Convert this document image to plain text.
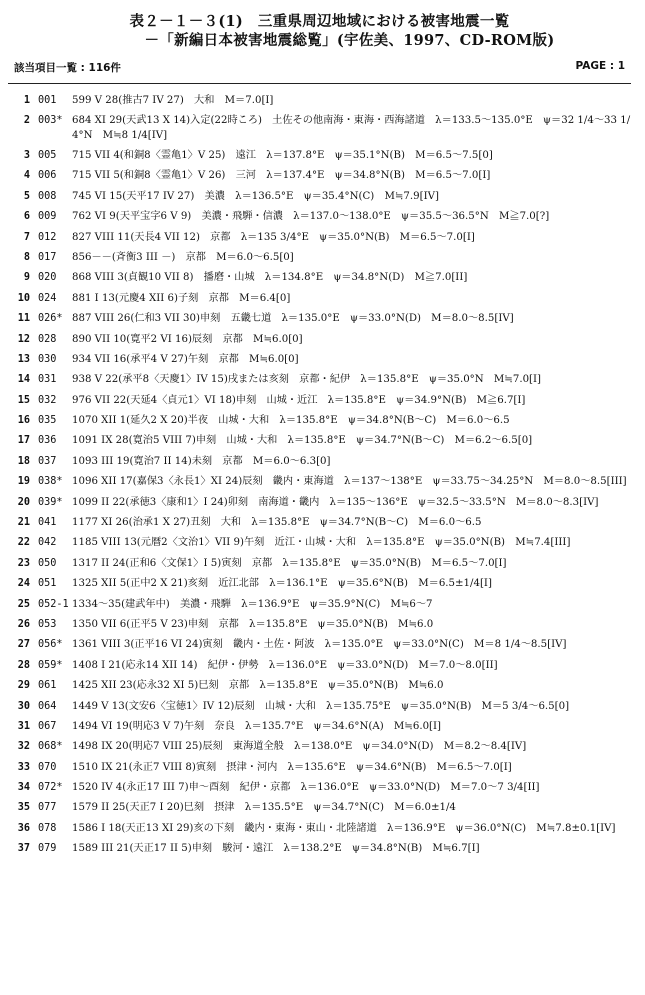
表２－１－３(1)　三重県周辺地域における被害地震一覧
－「新編日本被害地震総覧」(宇佐美、1997、CD-ROM版)
該当項目一覧 : 116件	PAGE : 1
1 001	599 V 28(推古7 IV 27)　大和　M＝7.0[I]
2 003* 684 XI 29(天武13 X 14)入定(22時ころ)　土佐その他南海・東海・西海諸道　λ＝133.5～135.0°E　ψ＝32 1/4～33 1/4°N　M≒8 1/4[IV]
3 005	715 VII 4(和銅8〈霊亀1〉V 25)　遠江　λ＝137.8°E　ψ＝35.1°N(B)　M＝6.5～7.5[0]
4 006	715 VII 5(和銅8〈霊亀1〉V 26)　三河　λ＝137.4°E　ψ＝34.8°N(B)　M＝6.5～7.0[I]
5 008	745 VI 15(天平17 IV 27)　美濃　λ＝136.5°E　ψ＝35.4°N(C)　M≒7.9[IV]
6 009	762 VI 9(天平宝字6 V 9)　美濃・飛騨・信濃　λ＝137.0～138.0°E　ψ＝35.5～36.5°N　M≧7.0[?]
7 012	827 VIII 11(天長4 VII 12)　京都　λ＝135 3/4°E　ψ＝35.0°N(B)　M＝6.5～7.0[I]
8 017	856－－(斉衡3 III －)　京都　M＝6.0～6.5[0]
9 020	868 VIII 3(貞観10 VII 8)　播磨・山城　λ＝134.8°E　ψ＝34.8°N(D)　M≧7.0[II]
10 024	881 I 13(元慶4 XII 6)子刻　京都　M＝6.4[0]
11 026* 887 VIII 26(仁和3 VII 30)申刻　五畿七道　λ＝135.0°E　ψ＝33.0°N(D)　M＝8.0～8.5[IV]
12 028	890 VII 10(寛平2 VI 16)辰刻　京都　M≒6.0[0]
13 030	934 VII 16(承平4 V 27)午刻　京都　M≒6.0[0]
14 031	938 V 22(承平8〈天慶1〉IV 15)戌または亥刻　京都・紀伊　λ＝135.8°E　ψ＝35.0°N　M≒7.0[I]
15 032	976 VII 22(天延4〈貞元1〉VI 18)申刻　山城・近江　λ＝135.8°E　ψ＝34.9°N(B)　M≧6.7[I]
16 035	1070 XII 1(延久2 X 20)半夜　山城・大和　λ＝135.8°E　ψ＝34.8°N(B～C)　M＝6.0～6.5
17 036	1091 IX 28(寛治5 VIII 7)申刻　山城・大和　λ＝135.8°E　ψ＝34.7°N(B～C)　M＝6.2～6.5[0]
18 037	1093 III 19(寛治7 II 14)未刻　京都　M＝6.0～6.3[0]
19 038* 1096 XII 17(嘉保3〈永長1〉XI 24)辰刻　畿内・東海道　λ＝137～138°E　ψ＝33.75～34.25°N　M＝8.0～8.5[III]
20 039* 1099 II 22(承徳3〈康和1〉I 24)卯刻　南海道・畿内　λ＝135～136°E　ψ＝32.5～33.5°N　M＝8.0～8.3[IV]
21 041	1177 XI 26(治承1 X 27)丑刻　大和　λ＝135.8°E　ψ＝34.7°N(B～C)　M＝6.0～6.5
22 042	1185 VIII 13(元暦2〈文治1〉VII 9)午刻　近江・山城・大和　λ＝135.8°E　ψ＝35.0°N(B)　M≒7.4[III]
23 050	1317 II 24(正和6〈文保1〉I 5)寅刻　京都　λ＝135.8°E　ψ＝35.0°N(B)　M＝6.5～7.0[I]
24 051	1325 XII 5(正中2 X 21)亥刻　近江北部　λ＝136.1°E　ψ＝35.6°N(B)　M＝6.5±1/4[I]
25 052-1 1334～35(建武年中)　美濃・飛騨　λ＝136.9°E　ψ＝35.9°N(C)　M≒6～7
26 053	1350 VII 6(正平5 V 23)申刻　京都　λ＝135.8°E　ψ＝35.0°N(B)　M≒6.0
27 056* 1361 VIII 3(正平16 VI 24)寅刻　畿内・土佐・阿波　λ＝135.0°E　ψ＝33.0°N(C)　M＝8 1/4～8.5[IV]
28 059* 1408 I 21(応永14 XII 14)　紀伊・伊勢　λ＝136.0°E　ψ＝33.0°N(D)　M＝7.0～8.0[II]
29 061	1425 XII 23(応永32 XI 5)巳刻　京都　λ＝135.8°E　ψ＝35.0°N(B)　M≒6.0
30 064	1449 V 13(文安6〈宝徳1〉IV 12)辰刻　山城・大和　λ＝135.75°E　ψ＝35.0°N(B)　M＝5 3/4～6.5[0]
31 067	1494 VI 19(明応3 V 7)午刻　奈良　λ＝135.7°E　ψ＝34.6°N(A)　M≒6.0[I]
32 068* 1498 IX 20(明応7 VIII 25)辰刻　東海道全般　λ＝138.0°E　ψ＝34.0°N(D)　M＝8.2～8.4[IV]
33 070	1510 IX 21(永正7 VIII 8)寅刻　摂津・河内　λ＝135.6°E　ψ＝34.6°N(B)　M＝6.5～7.0[I]
34 072* 1520 IV 4(永正17 III 7)申～酉刻　紀伊・京都　λ＝136.0°E　ψ＝33.0°N(D)　M＝7.0～7 3/4[II]
35 077	1579 II 25(天正7 I 20)巳刻　摂津　λ＝135.5°E　ψ＝34.7°N(C)　M＝6.0±1/4
36 078	1586 I 18(天正13 XI 29)亥の下刻　畿内・東海・東山・北陸諸道　λ＝136.9°E　ψ＝36.0°N(C)　M≒7.8±0.1[IV]
37 079	1589 III 21(天正17 II 5)申刻　駿河・遠江　λ＝138.2°E　ψ＝34.8°N(B)　M≒6.7[I]
